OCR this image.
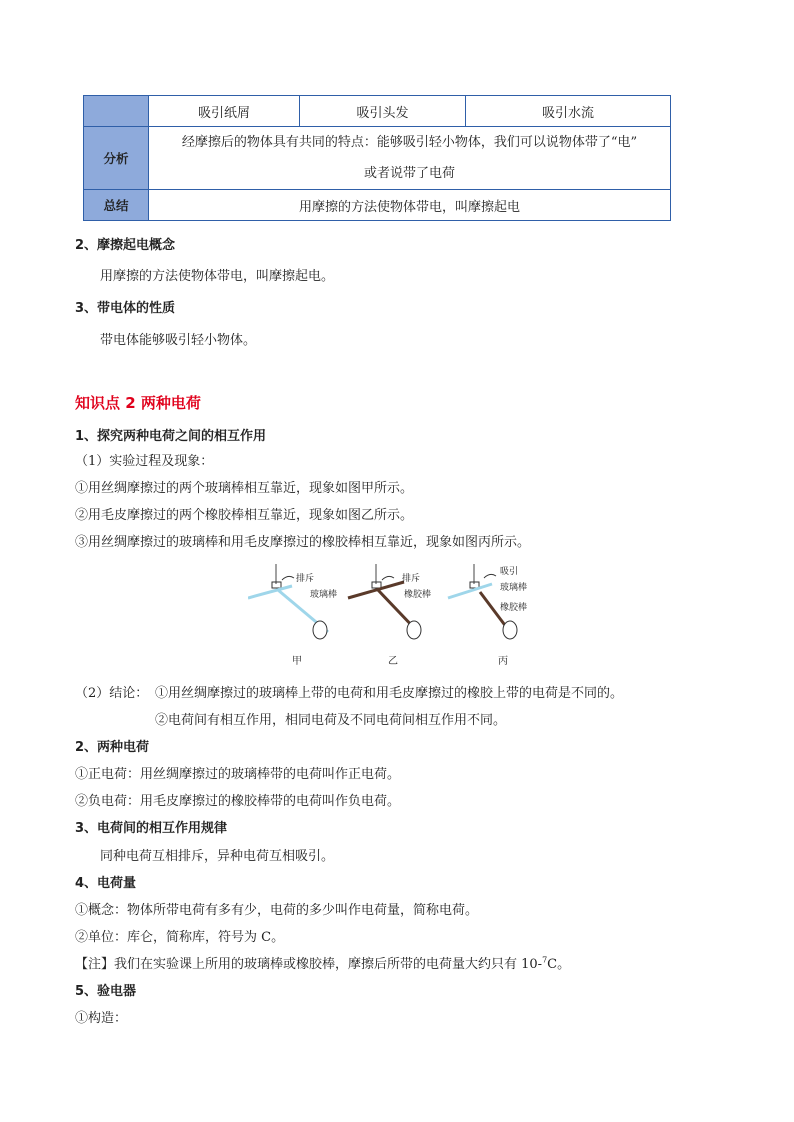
	吸引纸屑	吸引头发	吸引水流
分析	经摩擦后的物体具有共同的特点：能够吸引轻小物体，我们可以说物体带了“电”
或者说带了电荷		

总结	用摩擦的方法使物体带电，叫摩擦起电		
2、摩擦起电概念
用摩擦的方法使物体带电，叫摩擦起电。
3、带电体的性质
带电体能够吸引轻小物体。
知识点 2 两种电荷
1、探究两种电荷之间的相互作用
（1）实验过程及现象：
①用丝绸摩擦过的两个玻璃棒相互靠近，现象如图甲所示。
②用毛皮摩擦过的两个橡胶棒相互靠近，现象如图乙所示。
③用丝绸摩擦过的玻璃棒和用毛皮摩擦过的橡胶棒相互靠近，现象如图丙所示。
排斥
玻璃棒
排斥
橡胶棒
吸引
玻璃棒
橡胶棒
甲	乙	丙
（2）结论： ①用丝绸摩擦过的玻璃棒上带的电荷和用毛皮摩擦过的橡胶上带的电荷是不同的。
②电荷间有相互作用，相同电荷及不同电荷间相互作用不同。
2、两种电荷
①正电荷：用丝绸摩擦过的玻璃棒带的电荷叫作正电荷。
②负电荷：用毛皮摩擦过的橡胶棒带的电荷叫作负电荷。
3、电荷间的相互作用规律
同种电荷互相排斥，异种电荷互相吸引。
4、电荷量
①概念：物体所带电荷有多有少，电荷的多少叫作电荷量，简称电荷。
②单位：库仑，简称库，符号为 C。
【注】我们在实验课上所用的玻璃棒或橡胶棒，摩擦后所带的电荷量大约只有 10-$^7$C。
5、验电器
①构造：
